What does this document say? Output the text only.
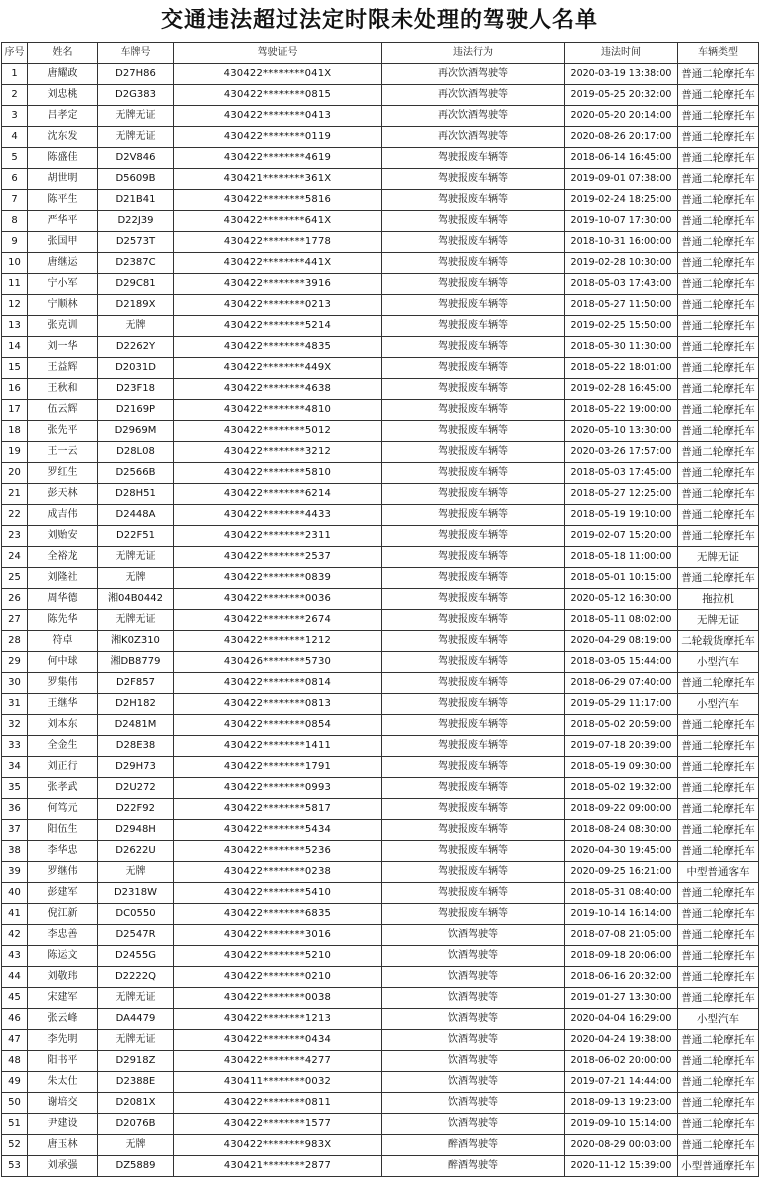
交通违法超过法定时限未处理的驾驶人名单
序号	姓名	车牌号	驾驶证号	违法行为	违法时间	车辆类型
1	唐耀政	D27H86	430422********041X	再次饮酒驾驶等	2020-03-19 13:38:00	普通二轮摩托车
2	刘忠桃	D2G383	430422********0815	再次饮酒驾驶等	2019-05-25 20:32:00	普通二轮摩托车
3	吕孝定	无牌无证	430422********0413	再次饮酒驾驶等	2020-05-20 20:14:00	普通二轮摩托车
4	沈东发	无牌无证	430422********0119	再次饮酒驾驶等	2020-08-26 20:17:00	普通二轮摩托车
5	陈盛佳	D2V846	430422********4619	驾驶报废车辆等	2018-06-14 16:45:00	普通二轮摩托车
6	胡世明	D5609B	430421********361X	驾驶报废车辆等	2019-09-01 07:38:00	普通二轮摩托车
7	陈平生	D21B41	430422********5816	驾驶报废车辆等	2019-02-24 18:25:00	普通二轮摩托车
8	严华平	D22J39	430422********641X	驾驶报废车辆等	2019-10-07 17:30:00	普通二轮摩托车
9	张国甲	D2573T	430422********1778	驾驶报废车辆等	2018-10-31 16:00:00	普通二轮摩托车
10	唐继运	D2387C	430422********441X	驾驶报废车辆等	2019-02-28 10:30:00	普通二轮摩托车
11	宁小军	D29C81	430422********3916	驾驶报废车辆等	2018-05-03 17:43:00	普通二轮摩托车
12	宁顺林	D2189X	430422********0213	驾驶报废车辆等	2018-05-27 11:50:00	普通二轮摩托车
13	张克训	无牌	430422********5214	驾驶报废车辆等	2019-02-25 15:50:00	普通二轮摩托车
14	刘一华	D2262Y	430422********4835	驾驶报废车辆等	2018-05-30 11:30:00	普通二轮摩托车
15	王益辉	D2031D	430422********449X	驾驶报废车辆等	2018-05-22 18:01:00	普通二轮摩托车
16	王秋和	D23F18	430422********4638	驾驶报废车辆等	2019-02-28 16:45:00	普通二轮摩托车
17	伍云辉	D2169P	430422********4810	驾驶报废车辆等	2018-05-22 19:00:00	普通二轮摩托车
18	张先平	D2969M	430422********5012	驾驶报废车辆等	2020-05-10 13:30:00	普通二轮摩托车
19	王一云	D28L08	430422********3212	驾驶报废车辆等	2020-03-26 17:57:00	普通二轮摩托车
20	罗红生	D2566B	430422********5810	驾驶报废车辆等	2018-05-03 17:45:00	普通二轮摩托车
21	彭天林	D28H51	430422********6214	驾驶报废车辆等	2018-05-27 12:25:00	普通二轮摩托车
22	成吉伟	D2448A	430422********4433	驾驶报废车辆等	2018-05-19 19:10:00	普通二轮摩托车
23	刘贻安	D22F51	430422********2311	驾驶报废车辆等	2019-02-07 15:20:00	普通二轮摩托车
24	全裕龙	无牌无证	430422********2537	驾驶报废车辆等	2018-05-18 11:00:00	无牌无证
25	刘隆社	无牌	430422********0839	驾驶报废车辆等	2018-05-01 10:15:00	普通二轮摩托车
26	周华德	湘04B0442	430422********0036	驾驶报废车辆等	2020-05-12 16:30:00	拖拉机
27	陈先华	无牌无证	430422********2674	驾驶报废车辆等	2018-05-11 08:02:00	无牌无证
28	符卓	湘K0Z310	430422********1212	驾驶报废车辆等	2020-04-29 08:19:00	二轮载货摩托车
29	何中球	湘DB8779	430426********5730	驾驶报废车辆等	2018-03-05 15:44:00	小型汽车
30	罗集伟	D2F857	430422********0814	驾驶报废车辆等	2018-06-29 07:40:00	普通二轮摩托车
31	王继华	D2H182	430422********0813	驾驶报废车辆等	2019-05-29 11:17:00	小型汽车
32	刘本东	D2481M	430422********0854	驾驶报废车辆等	2018-05-02 20:59:00	普通二轮摩托车
33	全金生	D28E38	430422********1411	驾驶报废车辆等	2019-07-18 20:39:00	普通二轮摩托车
34	刘正行	D29H73	430422********1791	驾驶报废车辆等	2018-05-19 09:30:00	普通二轮摩托车
35	张孝武	D2U272	430422********0993	驾驶报废车辆等	2018-05-02 19:32:00	普通二轮摩托车
36	何笃元	D22F92	430422********5817	驾驶报废车辆等	2018-09-22 09:00:00	普通二轮摩托车
37	阳伍生	D2948H	430422********5434	驾驶报废车辆等	2018-08-24 08:30:00	普通二轮摩托车
38	李华忠	D2622U	430422********5236	驾驶报废车辆等	2020-04-30 19:45:00	普通二轮摩托车
39	罗继伟	无牌	430422********0238	驾驶报废车辆等	2020-09-25 16:21:00	中型普通客车
40	彭建军	D2318W	430422********5410	驾驶报废车辆等	2018-05-31 08:40:00	普通二轮摩托车
41	倪江新	DC0550	430422********6835	驾驶报废车辆等	2019-10-14 16:14:00	普通二轮摩托车
42	李忠善	D2547R	430422********3016	饮酒驾驶等	2018-07-08 21:05:00	普通二轮摩托车
43	陈运文	D2455G	430422********5210	饮酒驾驶等	2018-09-18 20:06:00	普通二轮摩托车
44	刘敬玮	D2222Q	430422********0210	饮酒驾驶等	2018-06-16 20:32:00	普通二轮摩托车
45	宋建军	无牌无证	430422********0038	饮酒驾驶等	2019-01-27 13:30:00	普通二轮摩托车
46	张云峰	DA4479	430422********1213	饮酒驾驶等	2020-04-04 16:29:00	小型汽车
47	李先明	无牌无证	430422********0434	饮酒驾驶等	2020-04-24 19:38:00	普通二轮摩托车
48	阳书平	D2918Z	430422********4277	饮酒驾驶等	2018-06-02 20:00:00	普通二轮摩托车
49	朱太仕	D2388E	430411********0032	饮酒驾驶等	2019-07-21 14:44:00	普通二轮摩托车
50	谢培交	D2081X	430422********0811	饮酒驾驶等	2018-09-13 19:23:00	普通二轮摩托车
51	尹建设	D2076B	430422********1577	饮酒驾驶等	2019-09-10 15:14:00	普通二轮摩托车
52	唐玉林	无牌	430422********983X	醉酒驾驶等	2020-08-29 00:03:00	普通二轮摩托车
53	刘承强	DZ5889	430421********2877	醉酒驾驶等	2020-11-12 15:39:00	小型普通摩托车
